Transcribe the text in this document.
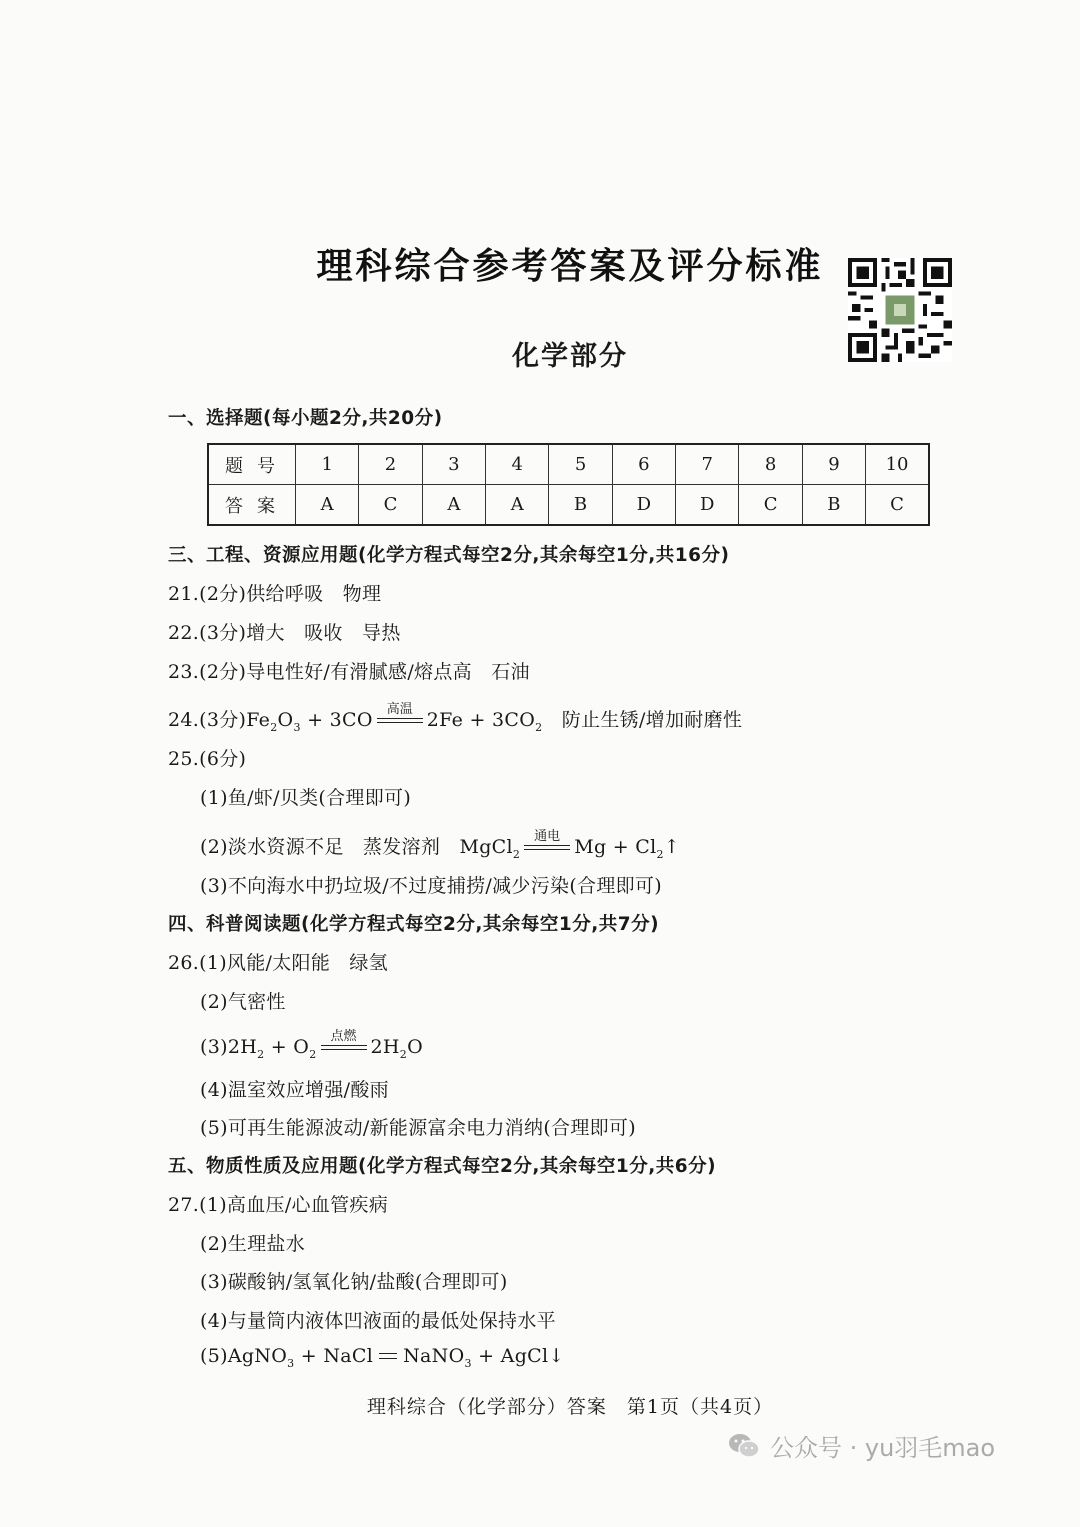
理科综合参考答案及评分标准
化学部分
一、选择题(每小题2分,共20分)
题号	1	2	3	4	5	6	7	8	9	10
答案	A	C	A	A	B	D	D	C	B	C
三、工程、资源应用题(化学方程式每空2分,其余每空1分,共16分)
21.(2分)供给呼吸　物理
22.(3分)增大　吸收　导热
23.(2分)导电性好/有滑腻感/熔点高　石油
24.(3分)$Fe_2O_3 + 3CO$	高温 $2Fe + 3CO_2$　 防止生锈/增加耐磨性
25.(6分)
(1)鱼/虾/贝类(合理即可)
(2)淡水资源不足　蒸发溶剂　 MgCl$_2$
通电 $Mg + Cl_2↑$
(3)不向海水中扔垃圾/不过度捕捞/减少污染(合理即可)
四、科普阅读题(化学方程式每空2分,其余每空1分,共7分)
26.(1)风能/太阳能　绿氢
(2)气密性
$(3)2H_2 + O_2$
点燃 $2H_2O$
(4)温室效应增强/酸雨
(5)可再生能源波动/新能源富余电力消纳(合理即可)
五、物质性质及应用题(化学方程式每空2分,其余每空1分,共6分)
27.(1)高血压/心血管疾病
(2)生理盐水
(3)碳酸钠/氢氧化钠/盐酸(合理即可)
(4)与量筒内液体凹液面的最低处保持水平
(5)AgNO$_3$ + NaCl NaNO$_3$ + AgCl↓
理科综合（化学部分）答案　第1页（共4页）
公众号 · yu羽毛mao
